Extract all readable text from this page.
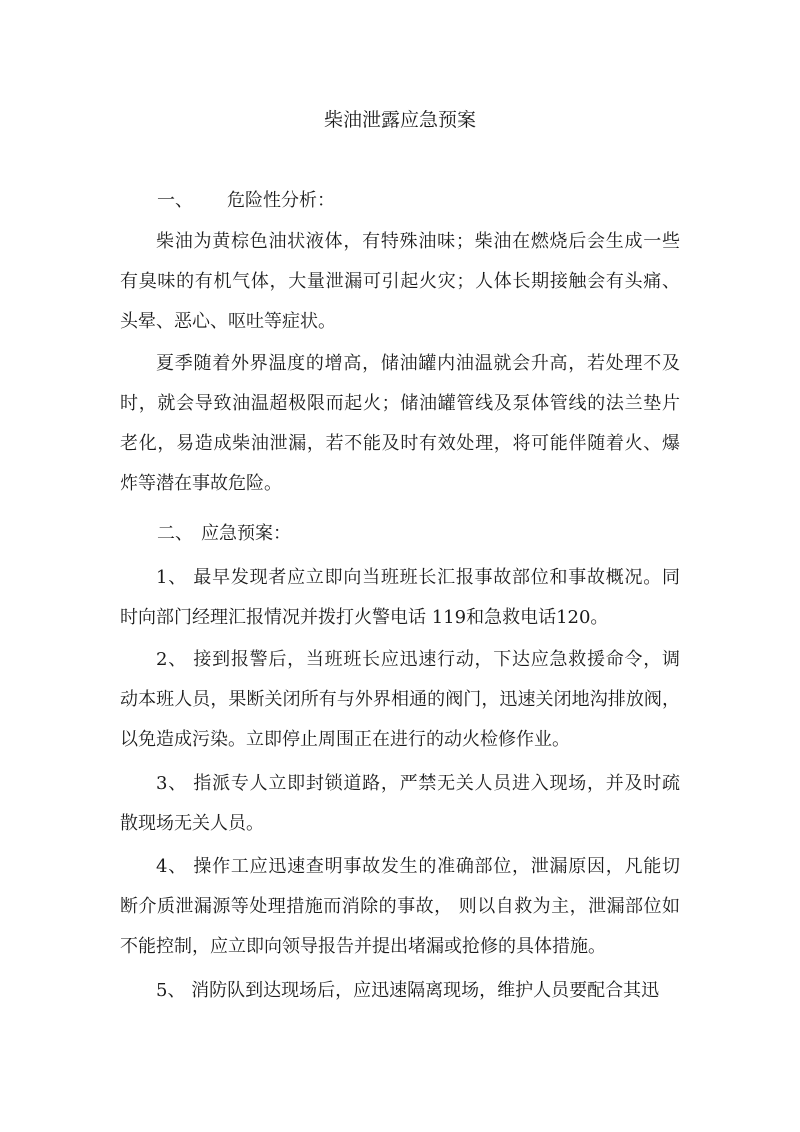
柴油泄露应急预案
一、 危险性分析：

柴油为黄棕色油状液体，有特殊油味；柴油在燃烧后会生成一些 有臭味的有机气体，大量泄漏可引起火灾；人体长期接触会有头痛、 头晕、恶心、呕吐等症状。

夏季随着外界温度的增高，储油罐内油温就会升高，若处理不及 时，就会导致油温超极限而起火；储油罐管线及泵体管线的法兰垫片 老化，易造成柴油泄漏，若不能及时有效处理，将可能伴随着火、爆 炸等潜在事故危险。

二、 应急预案：

1、 最早发现者应立即向当班班长汇报事故部位和事故概况。同 时向部门经理汇报情况并拨打火警电话 119和急救电话120。

2、 接到报警后，当班班长应迅速行动，下达应急救援命令，调 动本班人员，果断关闭所有与外界相通的阀门，迅速关闭地沟排放阀， 以免造成污染。立即停止周围正在进行的动火检修作业。

3、 指派专人立即封锁道路，严禁无关人员进入现场，并及时疏 散现场无关人员。

4、 操作工应迅速查明事故发生的准确部位，泄漏原因，凡能切 断介质泄漏源等处理措施而消除的事故， 则以自救为主，泄漏部位如 不能控制，应立即向领导报告并提出堵漏或抢修的具体措施。

5、 消防队到达现场后，应迅速隔离现场，维护人员要配合其迅
